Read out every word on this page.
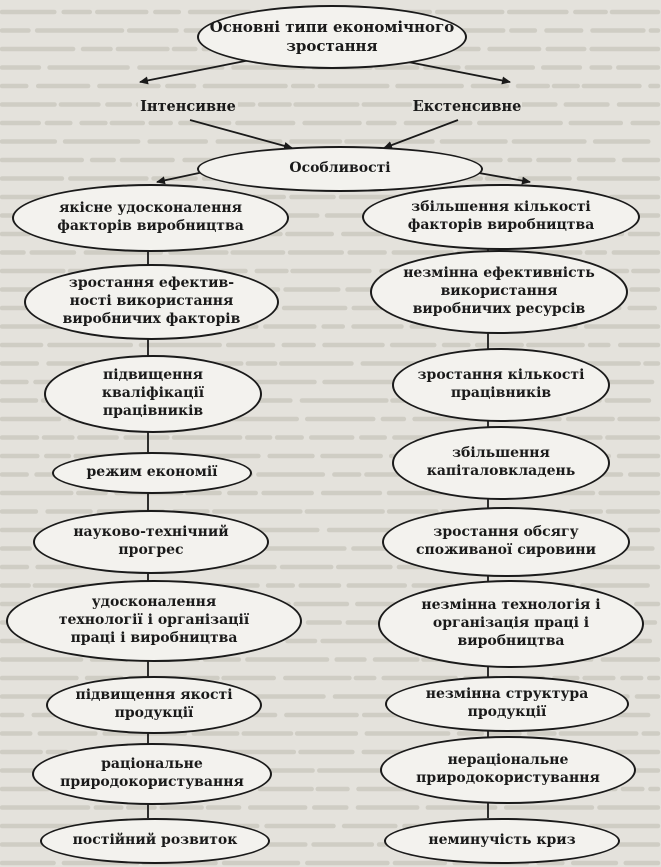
Основні типи економічного
зростання
Інтенсивне	Екстенсивне
Особливості
якісне удосконалення
факторів виробництва
зростання ефектив-
ності використання
виробничих факторів
підвищення
кваліфікації
працівників
режим економії
науково-технічний
прогрес
удосконалення
технології і організації
праці і виробництва
підвищення якості
продукції
раціональне
природокористування
постійний розвиток
збільшення кількості
факторів виробництва
незмінна ефективність
використання
виробничих ресурсів
зростання кількості
працівників
збільшення
капіталовкладень
зростання обсягу
споживаної сировини
незмінна технологія і
організація праці і
виробництва
незмінна структура
продукції
нераціональне
природокористування
неминучість криз
